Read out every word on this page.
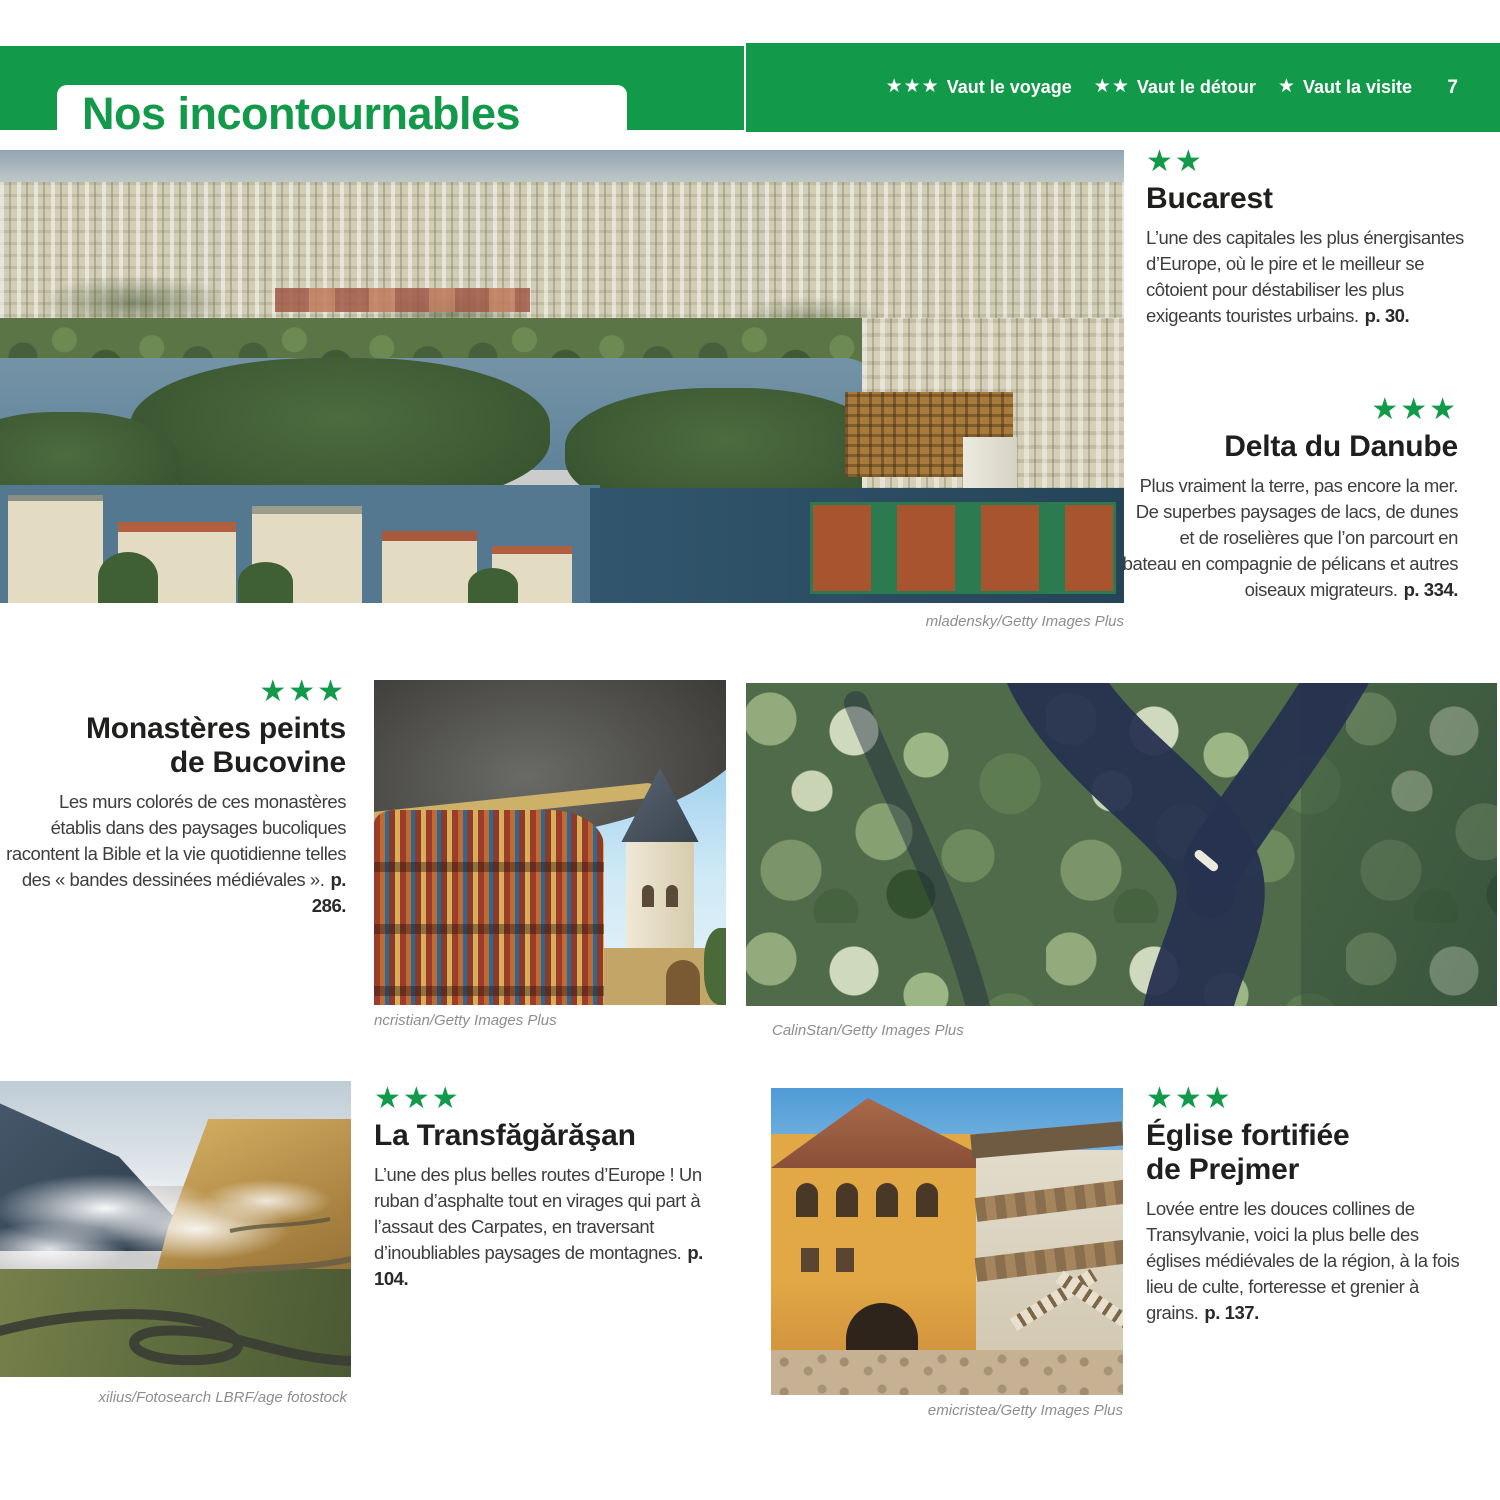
Nos incontournables
★★★ Vaut le voyage ★★ Vaut le détour ★ Vaut la visite 7
mladensky/Getty Images Plus
★★
Bucarest

L’une des capitales les plus énergisantes d’Europe, où le pire et le meilleur se côtoient pour déstabiliser les plus exigeants touristes urbains. p. 30.

★★★
Delta du Danube

Plus vraiment la terre, pas encore la mer. De superbes paysages de lacs, de dunes et de roselières que l’on parcourt en bateau en compagnie de pélicans et autres oiseaux migrateurs. p. 334.

★★★
Monastères peints
de Bucovine

Les murs colorés de ces monastères établis dans des paysages bucoliques racontent la Bible et la vie quotidienne telles des « bandes dessinées médiévales ». p. 286.

ncristian/Getty Images Plus
CalinStan/Getty Images Plus
xilius/Fotosearch LBRF/age fotostock
★★★
La Transfăgărăşan

L’une des plus belles routes d’Europe ! Un ruban d’asphalte tout en virages qui part à l’assaut des Carpates, en traversant d’inoubliables paysages de montagnes. p. 104.

emicristea/Getty Images Plus
★★★
Église fortifiée
de Prejmer

Lovée entre les douces collines de Transylvanie, voici la plus belle des églises médiévales de la région, à la fois lieu de culte, forteresse et grenier à grains. p. 137.
